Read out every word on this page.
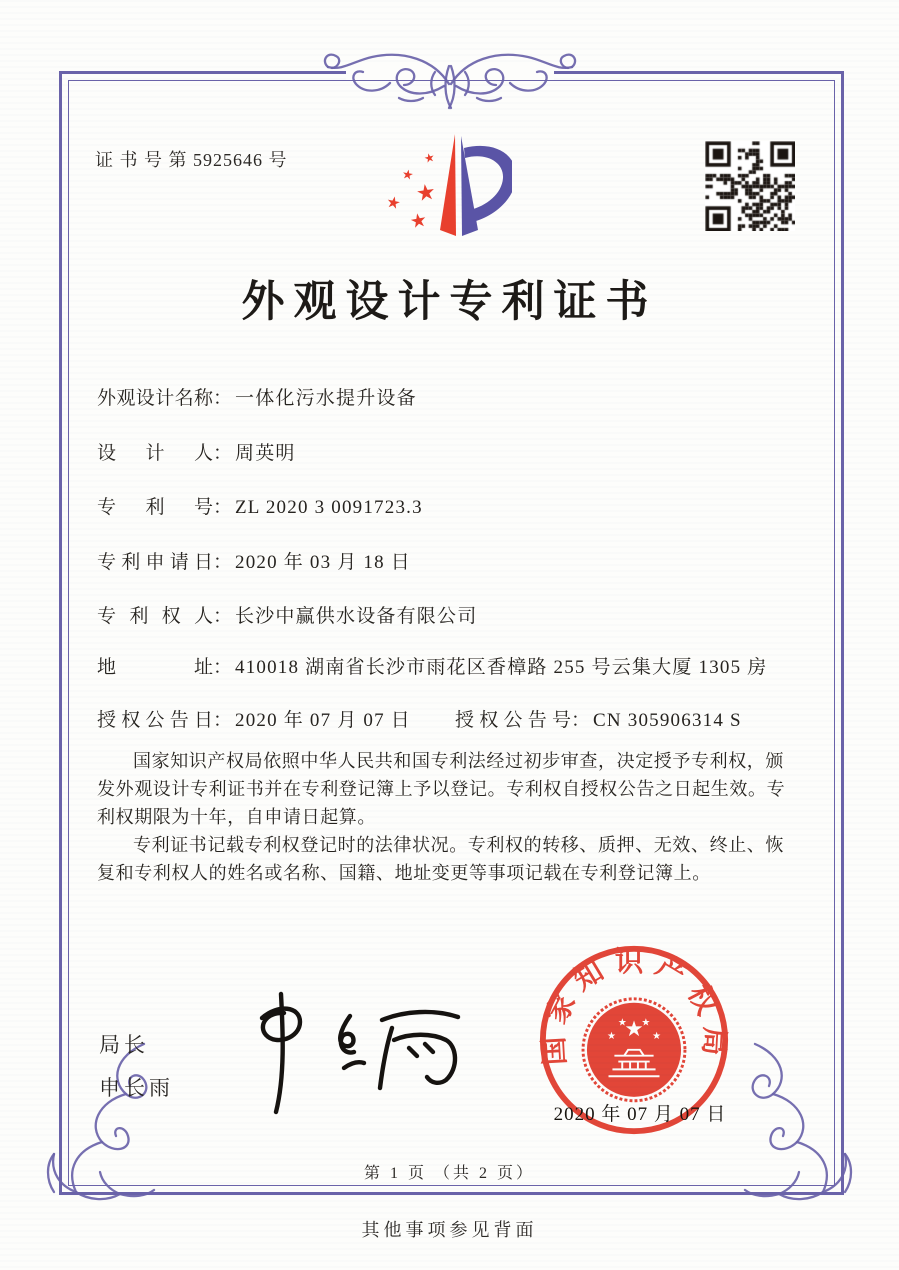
证 书 号 第 5925646 号	★
★
★
★
★
外观设计专利证书
外观设计名称： 一体化污水提升设备
设计人： 周英明
专利号： ZL 2020 3 0091723.3
专利申请日： 2020 年 03 月 18 日
专利权人： 长沙中赢供水设备有限公司
地址： 410018 湖南省长沙市雨花区香樟路 255 号云集大厦 1305 房
授权公告日： 2020 年 07 月 07 日 授权公告号： CN 305906314 S

国家知识产权局依照中华人民共和国专利法经过初步审查，决定授予专利权，颁发外观设计专利证书并在专利登记簿上予以登记。专利权自授权公告之日起生效。专利权期限为十年，自申请日起算。

专利证书记载专利权登记时的法律状况。专利权的转移、质押、无效、终止、恢复和专利权人的姓名或名称、国籍、地址变更等事项记载在专利登记簿上。

局长
申长雨
国家知识产权局
★
★
★ ★
★
2020 年 07 月 07 日
第 1 页 （共 2 页）
其他事项参见背面
